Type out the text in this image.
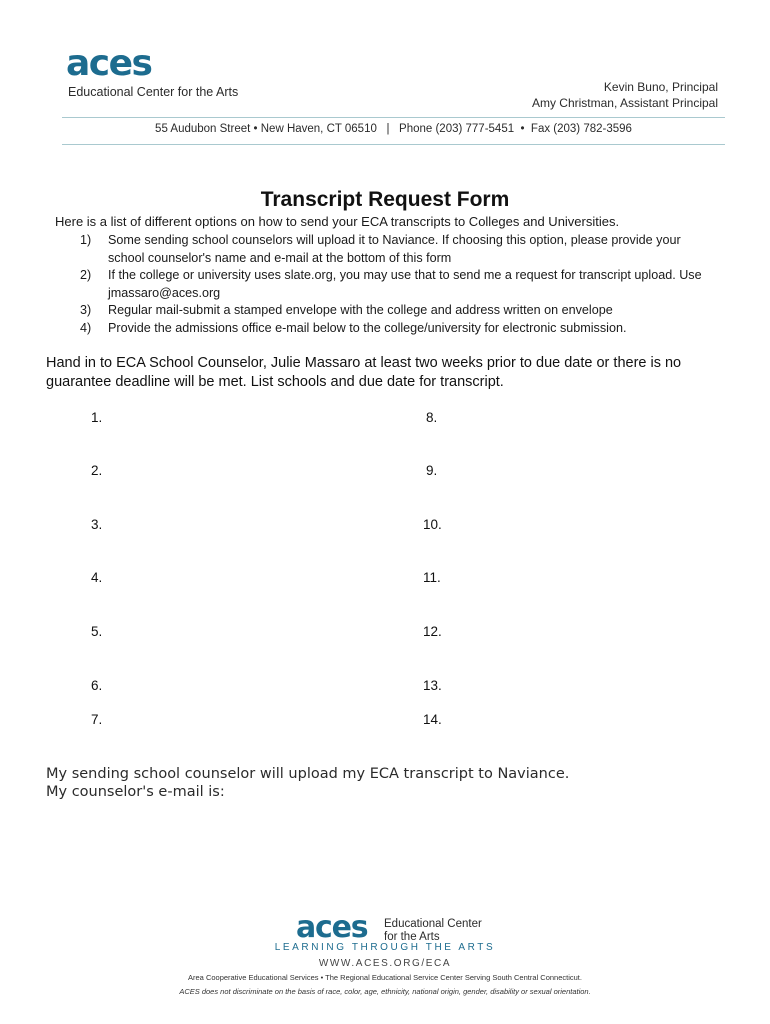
aces
Educational Center for the Arts	Kevin Buno, Principal
Amy Christman, Assistant Principal
55 Audubon Street • New Haven, CT 06510   |   Phone (203) 777-5451  •  Fax (203) 782-3596
Transcript Request Form
Here is a list of different options on how to send your ECA transcripts to Colleges and Universities.
1)	Some sending school counselors will upload it to Naviance. If choosing this option, please provide your school counselor's name and e-mail at the bottom of this form
2)	If the college or university uses slate.org, you may use that to send me a request for transcript upload. Use jmassaro@aces.org
3)	Regular mail-submit a stamped envelope with the college and address written on envelope
4)	Provide the admissions office e-mail below to the college/university for electronic submission.
Hand in to ECA School Counselor, Julie Massaro at least two weeks prior to due date or there is no guarantee deadline will be met. List schools and due date for transcript.
1.
2.
3.
4.
5.
6.
7.
8.
9.
10.
11.
12.
13.
14.
My sending school counselor will upload my ECA transcript to Naviance.
My counselor's e-mail is:
aces Educational Center
for the Arts
LEARNING THROUGH THE ARTS
WWW.ACES.ORG/ECA
Area Cooperative Educational Services • The Regional Educational Service Center Serving South Central Connecticut.
ACES does not discriminate on the basis of race, color, age, ethnicity, national origin, gender, disability or sexual orientation.
